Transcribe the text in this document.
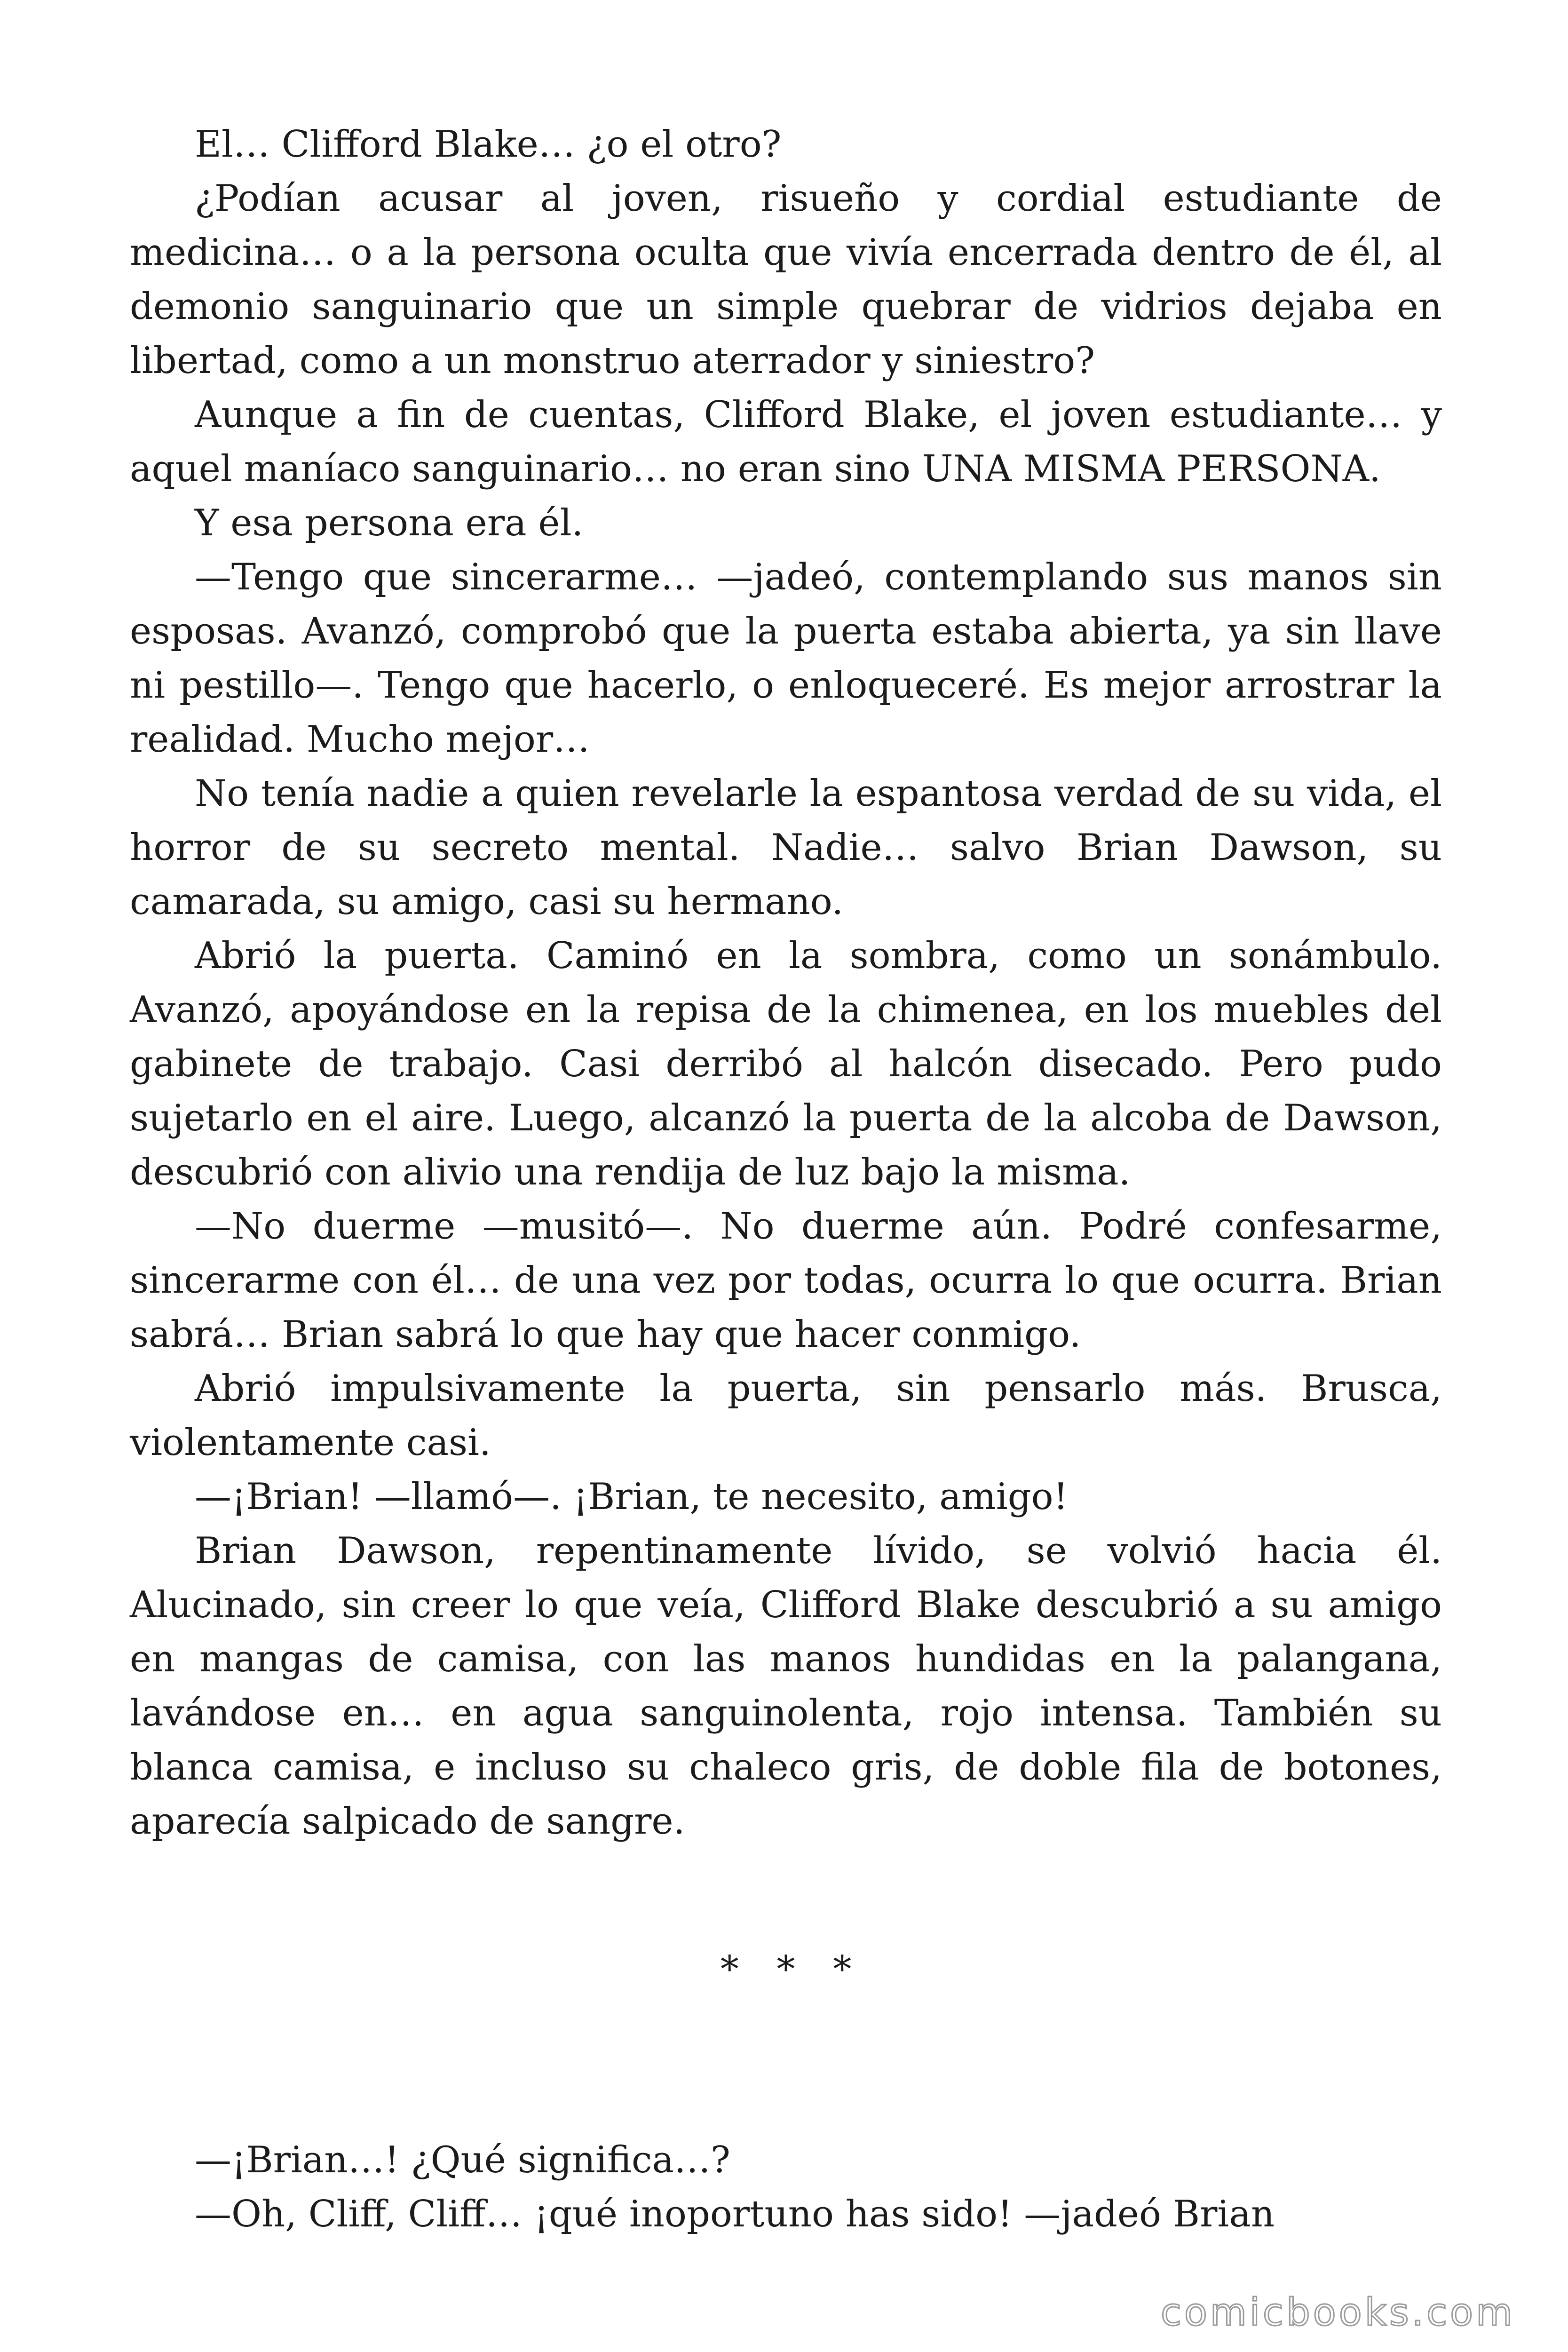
El… Clifford Blake… ¿o el otro?

¿Podían acusar al joven, risueño y cordial estudiante de medicina… o a la persona oculta que vivía encerrada dentro de él, al demonio sanguinario que un simple quebrar de vidrios dejaba en libertad, como a un monstruo aterrador y siniestro?

Aunque a fin de cuentas, Clifford Blake, el joven estudiante… y aquel maníaco sanguinario… no eran sino UNA MISMA PERSONA.

Y esa persona era él.

—Tengo que sincerarme… —jadeó, contemplando sus manos sin esposas. Avanzó, comprobó que la puerta estaba abierta, ya sin llave ni pestillo—. Tengo que hacerlo, o enloqueceré. Es mejor arrostrar la realidad. Mucho mejor…

No tenía nadie a quien revelarle la espantosa verdad de su vida, el horror de su secreto mental. Nadie… salvo Brian Dawson, su camarada, su amigo, casi su hermano.

Abrió la puerta. Caminó en la sombra, como un sonámbulo. Avanzó, apoyándose en la repisa de la chimenea, en los muebles del gabinete de trabajo. Casi derribó al halcón disecado. Pero pudo sujetarlo en el aire. Luego, alcanzó la puerta de la alcoba de Dawson, descubrió con alivio una rendija de luz bajo la misma.

—No duerme —musitó—. No duerme aún. Podré confesarme, sincerarme con él… de una vez por todas, ocurra lo que ocurra. Brian sabrá… Brian sabrá lo que hay que hacer conmigo.

Abrió impulsivamente la puerta, sin pensarlo más. Brusca, violentamente casi.

—¡Brian! —llamó—. ¡Brian, te necesito, amigo!

Brian Dawson, repentinamente lívido, se volvió hacia él. Alucinado, sin creer lo que veía, Clifford Blake descubrió a su amigo en mangas de camisa, con las manos hundidas en la palangana, lavándose en… en agua sanguinolenta, rojo intensa. También su blanca camisa, e incluso su chaleco gris, de doble fila de botones, aparecía salpicado de sangre.

* * *

—¡Brian…! ¿Qué significa…?

—Oh, Cliff, Cliff… ¡qué inoportuno has sido! —jadeó Brian

comicbooks.com
